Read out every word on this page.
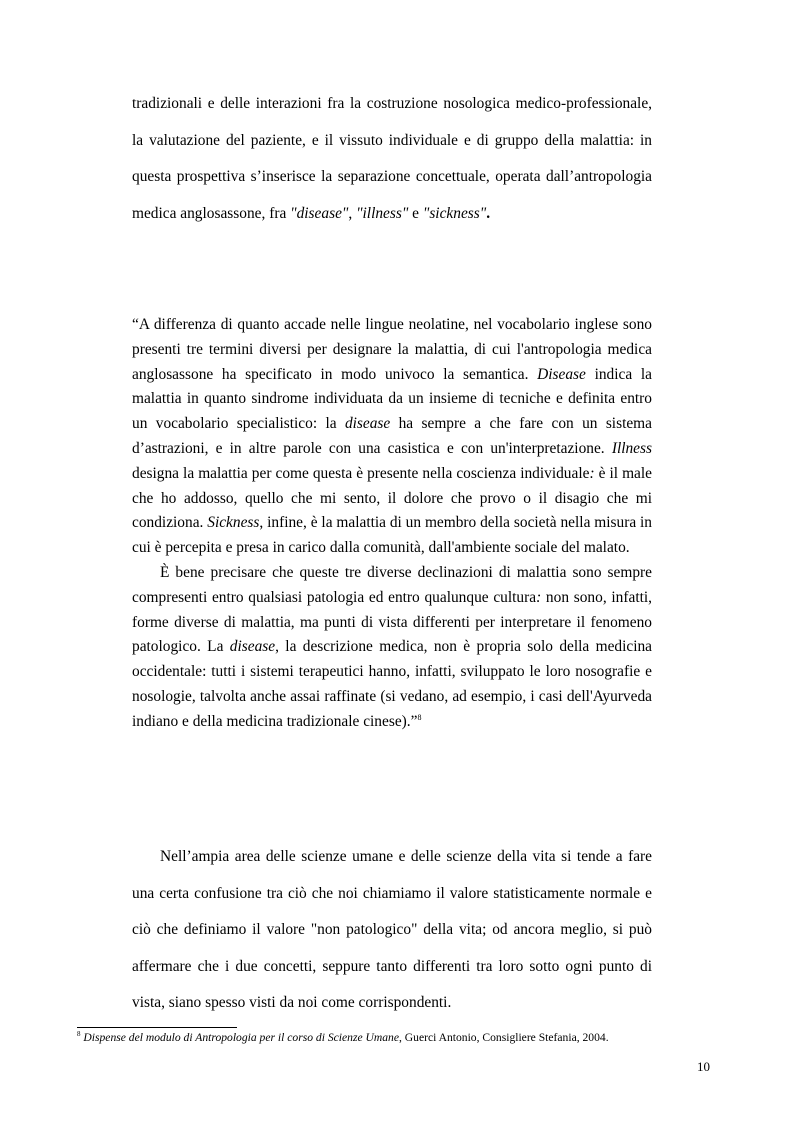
tradizionali e delle interazioni fra la costruzione nosologica medico-professionale, la valutazione del paziente, e il vissuto individuale e di gruppo della malattia: in questa prospettiva s’inserisce la separazione concettuale, operata dall’antropologia medica anglosassone, fra "disease", "illness" e "sickness".

“A differenza di quanto accade nelle lingue neolatine, nel vocabolario inglese sono presenti tre termini diversi per designare la malattia, di cui l'antropologia medica anglosassone ha specificato in modo univoco la semantica. Disease indica la malattia in quanto sindrome individuata da un insieme di tecniche e definita entro un vocabolario specialistico: la disease ha sempre a che fare con un sistema d’astrazioni, e in altre parole con una casistica e con un'interpretazione. Illness designa la malattia per come questa è presente nella coscienza individuale: è il male che ho addosso, quello che mi sento, il dolore che provo o il disagio che mi condiziona. Sickness, infine, è la malattia di un membro della società nella misura in cui è percepita e presa in carico dalla comunità, dall'ambiente sociale del malato.

È bene precisare che queste tre diverse declinazioni di malattia sono sempre compresenti entro qualsiasi patologia ed entro qualunque cultura: non sono, infatti, forme diverse di malattia, ma punti di vista differenti per interpretare il fenomeno patologico. La disease, la descrizione medica, non è propria solo della medicina occidentale: tutti i sistemi terapeutici hanno, infatti, sviluppato le loro nosografie e nosologie, talvolta anche assai raffinate (si vedano, ad esempio, i casi dell'Ayurveda indiano e della medicina tradizionale cinese).”$^8$

Nell’ampia area delle scienze umane e delle scienze della vita si tende a fare una certa confusione tra ciò che noi chiamiamo il valore statisticamente normale e ciò che definiamo il valore "non patologico" della vita; od ancora meglio, si può affermare che i due concetti, seppure tanto differenti tra loro sotto ogni punto di vista, siano spesso visti da noi come corrispondenti.

$^8$ Dispense del modulo di Antropologia per il corso di Scienze Umane, Guerci Antonio, Consigliere Stefania, 2004.
10
